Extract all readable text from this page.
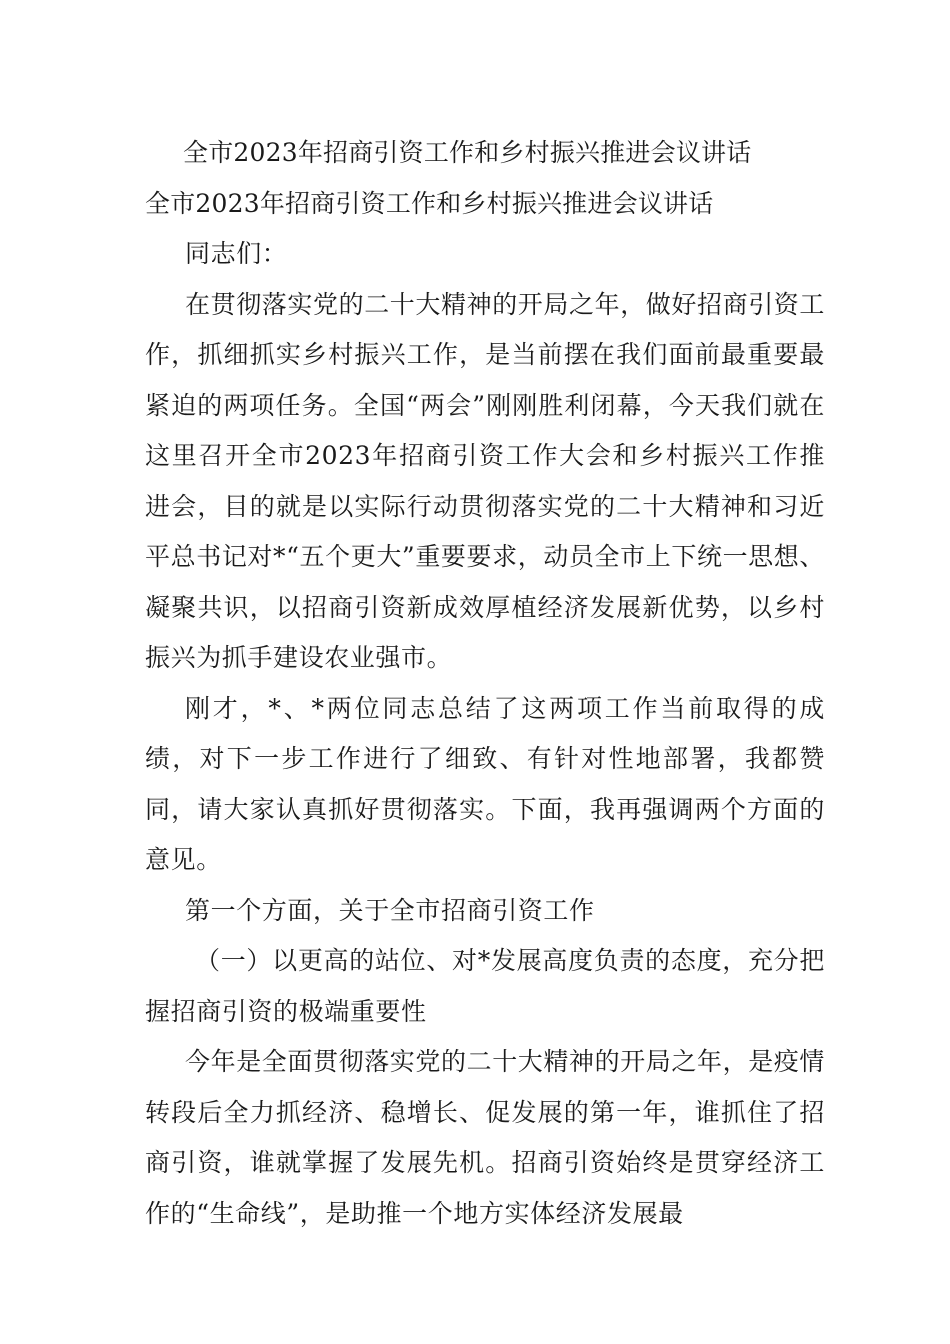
全市2023年招商引资工作和乡村振兴推进会议讲话

全市2023年招商引资工作和乡村振兴推进会议讲话

同志们：

在贯彻落实党的二十大精神的开局之年，做好招商引资工作，抓细抓实乡村振兴工作，是当前摆在我们面前最重要最紧迫的两项任务。全国“两会”刚刚胜利闭幕，今天我们就在这里召开全市2023年招商引资工作大会和乡村振兴工作推进会，目的就是以实际行动贯彻落实党的二十大精神和习近平总书记对*“五个更大”重要要求，动员全市上下统一思想、凝聚共识，以招商引资新成效厚植经济发展新优势，以乡村振兴为抓手建设农业强市。

刚才，*、*两位同志总结了这两项工作当前取得的成绩，对下一步工作进行了细致、有针对性地部署，我都赞同，请大家认真抓好贯彻落实。下面，我再强调两个方面的意见。

第一个方面，关于全市招商引资工作

（一）以更高的站位、对*发展高度负责的态度，充分把握招商引资的极端重要性

今年是全面贯彻落实党的二十大精神的开局之年，是疫情转段后全力抓经济、稳增长、促发展的第一年，谁抓住了招商引资，谁就掌握了发展先机。招商引资始终是贯穿经济工作的“生命线”，是助推一个地方实体经济发展最
